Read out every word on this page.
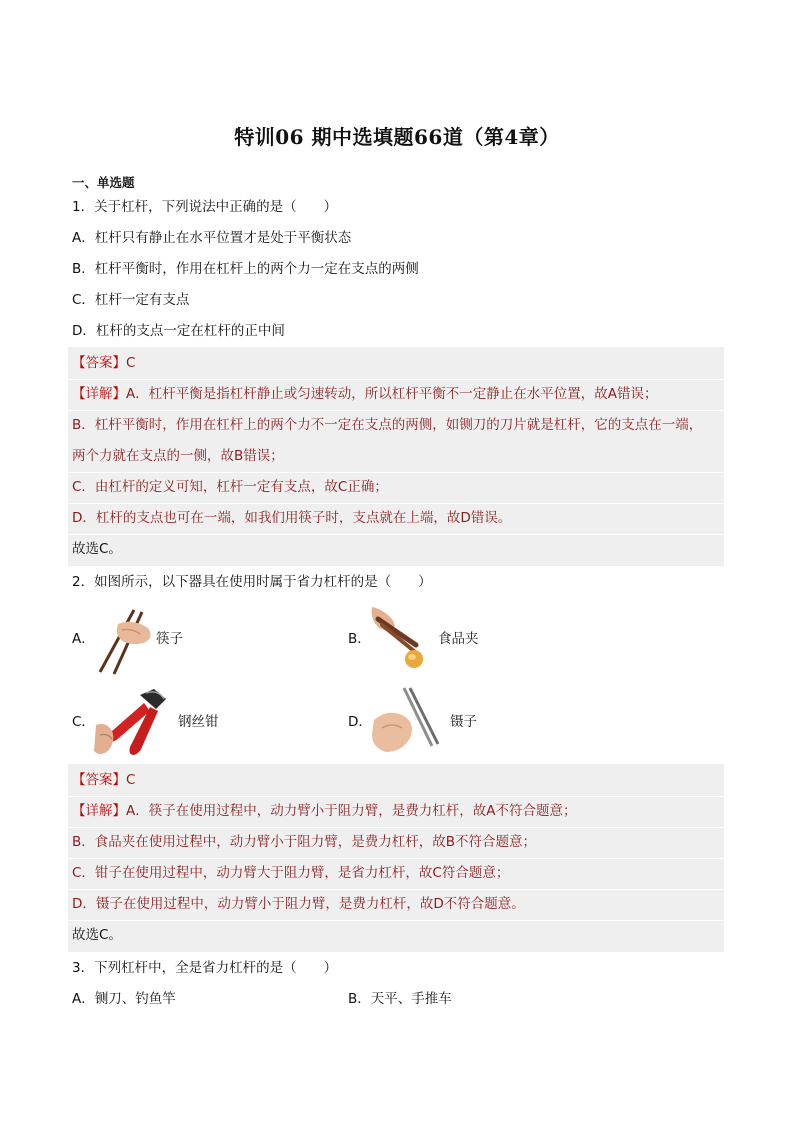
特训06 期中选填题66道（第4章）
一、单选题
1．关于杠杆，下列说法中正确的是（　　）
A．杠杆只有静止在水平位置才是处于平衡状态
B．杠杆平衡时，作用在杠杆上的两个力一定在支点的两侧
C．杠杆一定有支点
D．杠杆的支点一定在杠杆的正中间
【答案】C
【详解】A．杠杆平衡是指杠杆静止或匀速转动，所以杠杆平衡不一定静止在水平位置，故A错误；
B．杠杆平衡时，作用在杠杆上的两个力不一定在支点的两侧，如铡刀的刀片就是杠杆，它的支点在一端，
两个力就在支点的一侧，故B错误；
C．由杠杆的定义可知，杠杆一定有支点，故C正确；
D．杠杆的支点也可在一端，如我们用筷子时，支点就在上端，故D错误。
故选C。
2．如图所示，以下器具在使用时属于省力杠杆的是（　　）
A．	筷子	B．	食品夹
C．	钢丝钳	D．	镊子
【答案】C
【详解】A．筷子在使用过程中，动力臂小于阻力臂，是费力杠杆，故A不符合题意；
B．食品夹在使用过程中，动力臂小于阻力臂，是费力杠杆，故B不符合题意；
C．钳子在使用过程中，动力臂大于阻力臂，是省力杠杆，故C符合题意；
D．镊子在使用过程中，动力臂小于阻力臂，是费力杠杆，故D不符合题意。
故选C。
3．下列杠杆中，全是省力杠杆的是（　　）
A．铡刀、钓鱼竿	B．天平、手推车
